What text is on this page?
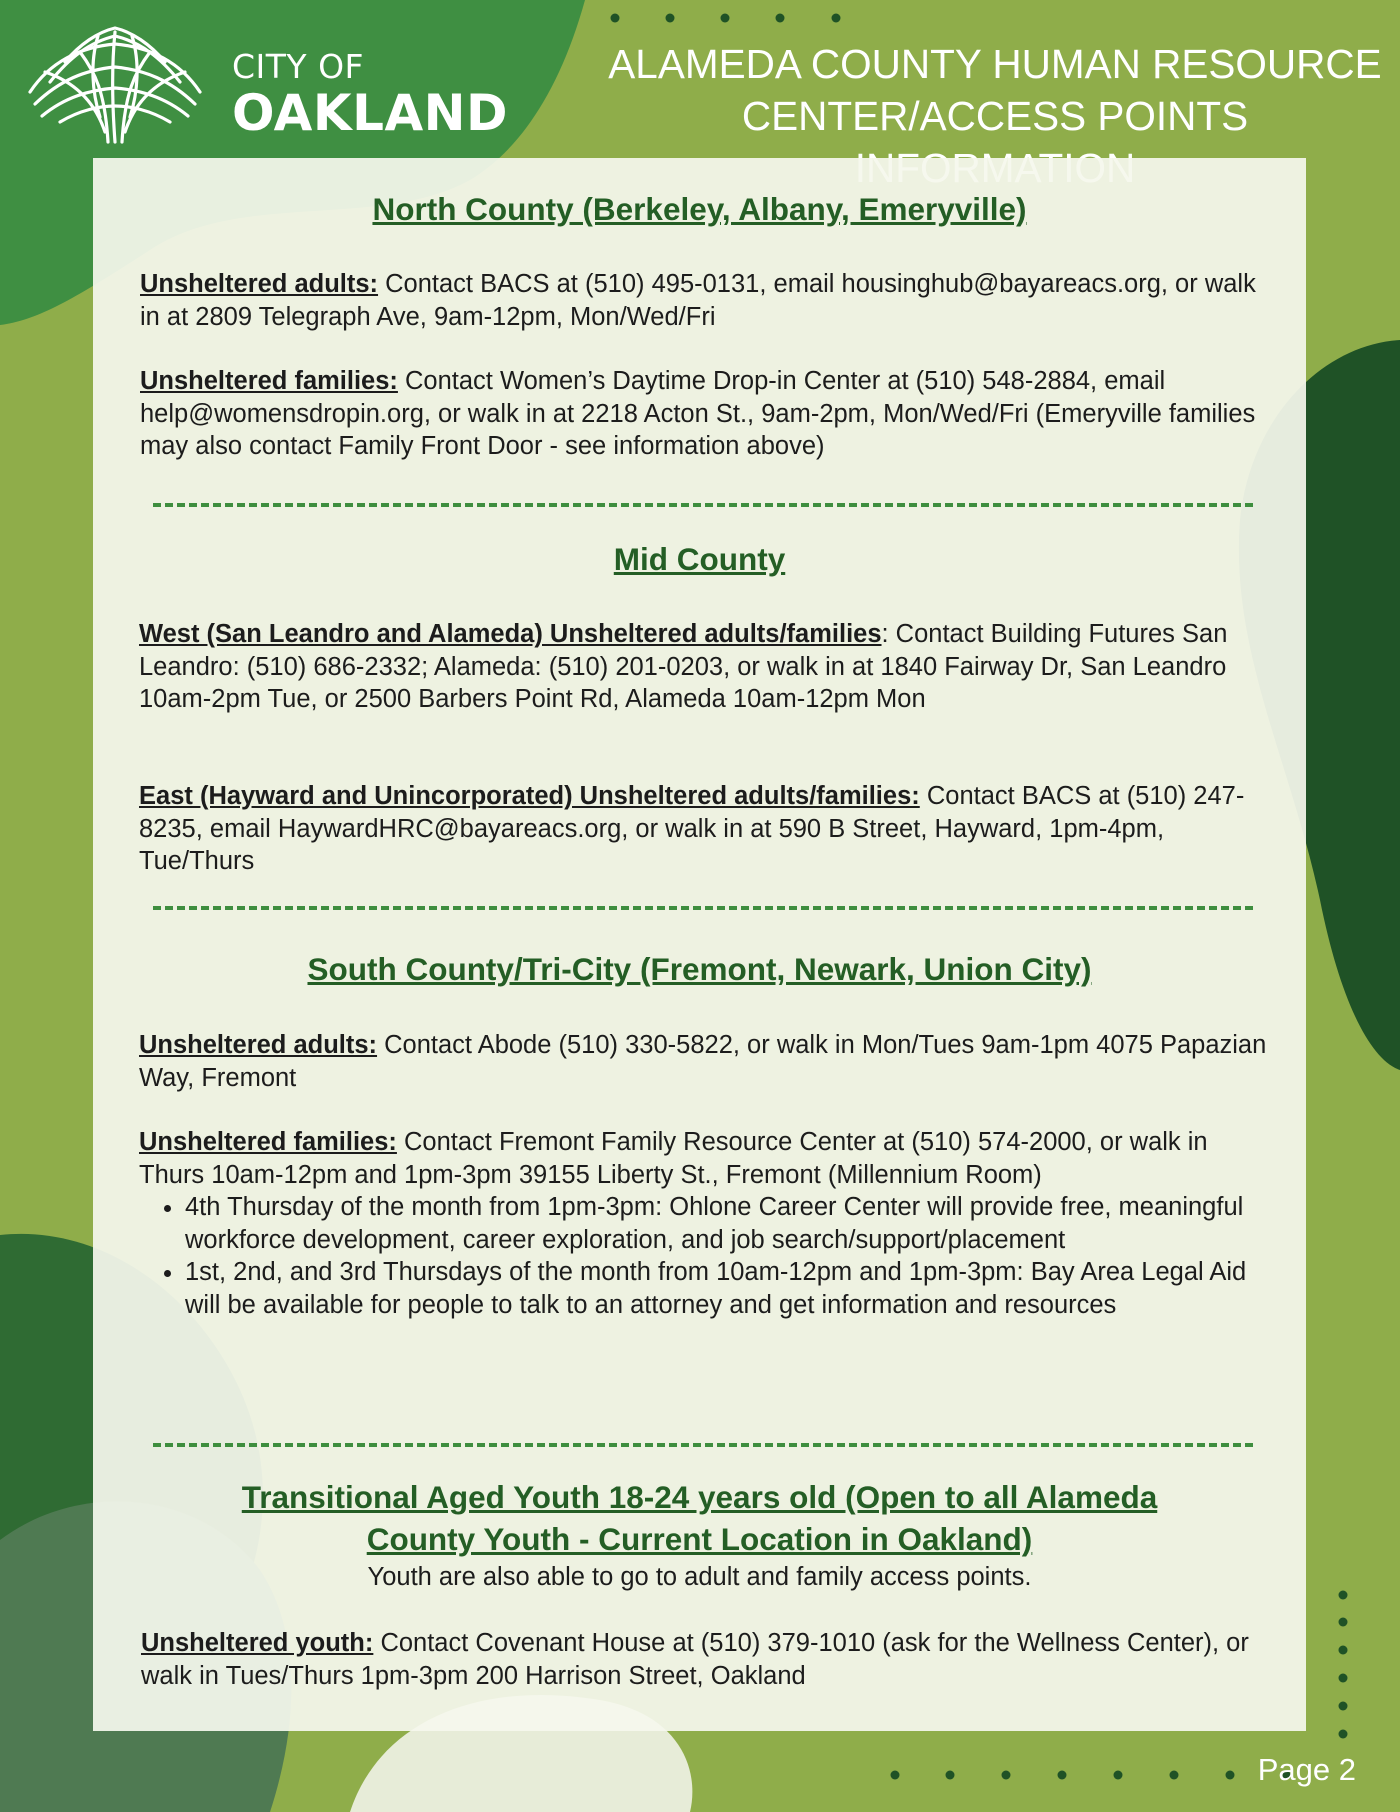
CITY OF
OAKLAND
ALAMEDA COUNTY HUMAN RESOURCE
CENTER/ACCESS POINTS
North County (Berkeley, Albany, Emeryville)

Unsheltered adults: Contact BACS at (510) 495-0131, email housinghub@bayareacs.org, or walk in at 2809 Telegraph Ave, 9am-12pm, Mon/Wed/Fri

Unsheltered families: Contact Women’s Daytime Drop-in Center at (510) 548-2884, email help@womensdropin.org, or walk in at 2218 Acton St., 9am-2pm, Mon/Wed/Fri (Emeryville families may also contact Family Front Door - see information above)

Mid County

West (San Leandro and Alameda) Unsheltered adults/families: Contact Building Futures San Leandro: (510) 686-2332; Alameda: (510) 201-0203, or walk in at 1840 Fairway Dr, San Leandro 10am-2pm Tue, or 2500 Barbers Point Rd, Alameda 10am-12pm Mon

East (Hayward and Unincorporated) Unsheltered adults/families: Contact BACS at (510) 247-8235, email HaywardHRC@bayareacs.org, or walk in at 590 B Street, Hayward, 1pm-4pm, Tue/Thurs

South County/Tri-City (Fremont, Newark, Union City)

Unsheltered adults: Contact Abode (510) 330-5822, or walk in Mon/Tues 9am-1pm 4075 Papazian Way, Fremont

Unsheltered families: Contact Fremont Family Resource Center at (510) 574-2000, or walk in Thurs 10am-12pm and 1pm-3pm 39155 Liberty St., Fremont (Millennium Room)

• 4th Thursday of the month from 1pm-3pm: Ohlone Career Center will provide free, meaningful workforce development, career exploration, and job search/support/placement
• 1st, 2nd, and 3rd Thursdays of the month from 10am-12pm and 1pm-3pm: Bay Area Legal Aid will be available for people to talk to an attorney and get information and resources
Transitional Aged Youth 18-24 years old (Open to all Alameda
County Youth - Current Location in Oakland)

Youth are also able to go to adult and family access points.

Unsheltered youth: Contact Covenant House at (510) 379-1010 (ask for the Wellness Center), or walk in Tues/Thurs 1pm-3pm 200 Harrison Street, Oakland

Page 2
